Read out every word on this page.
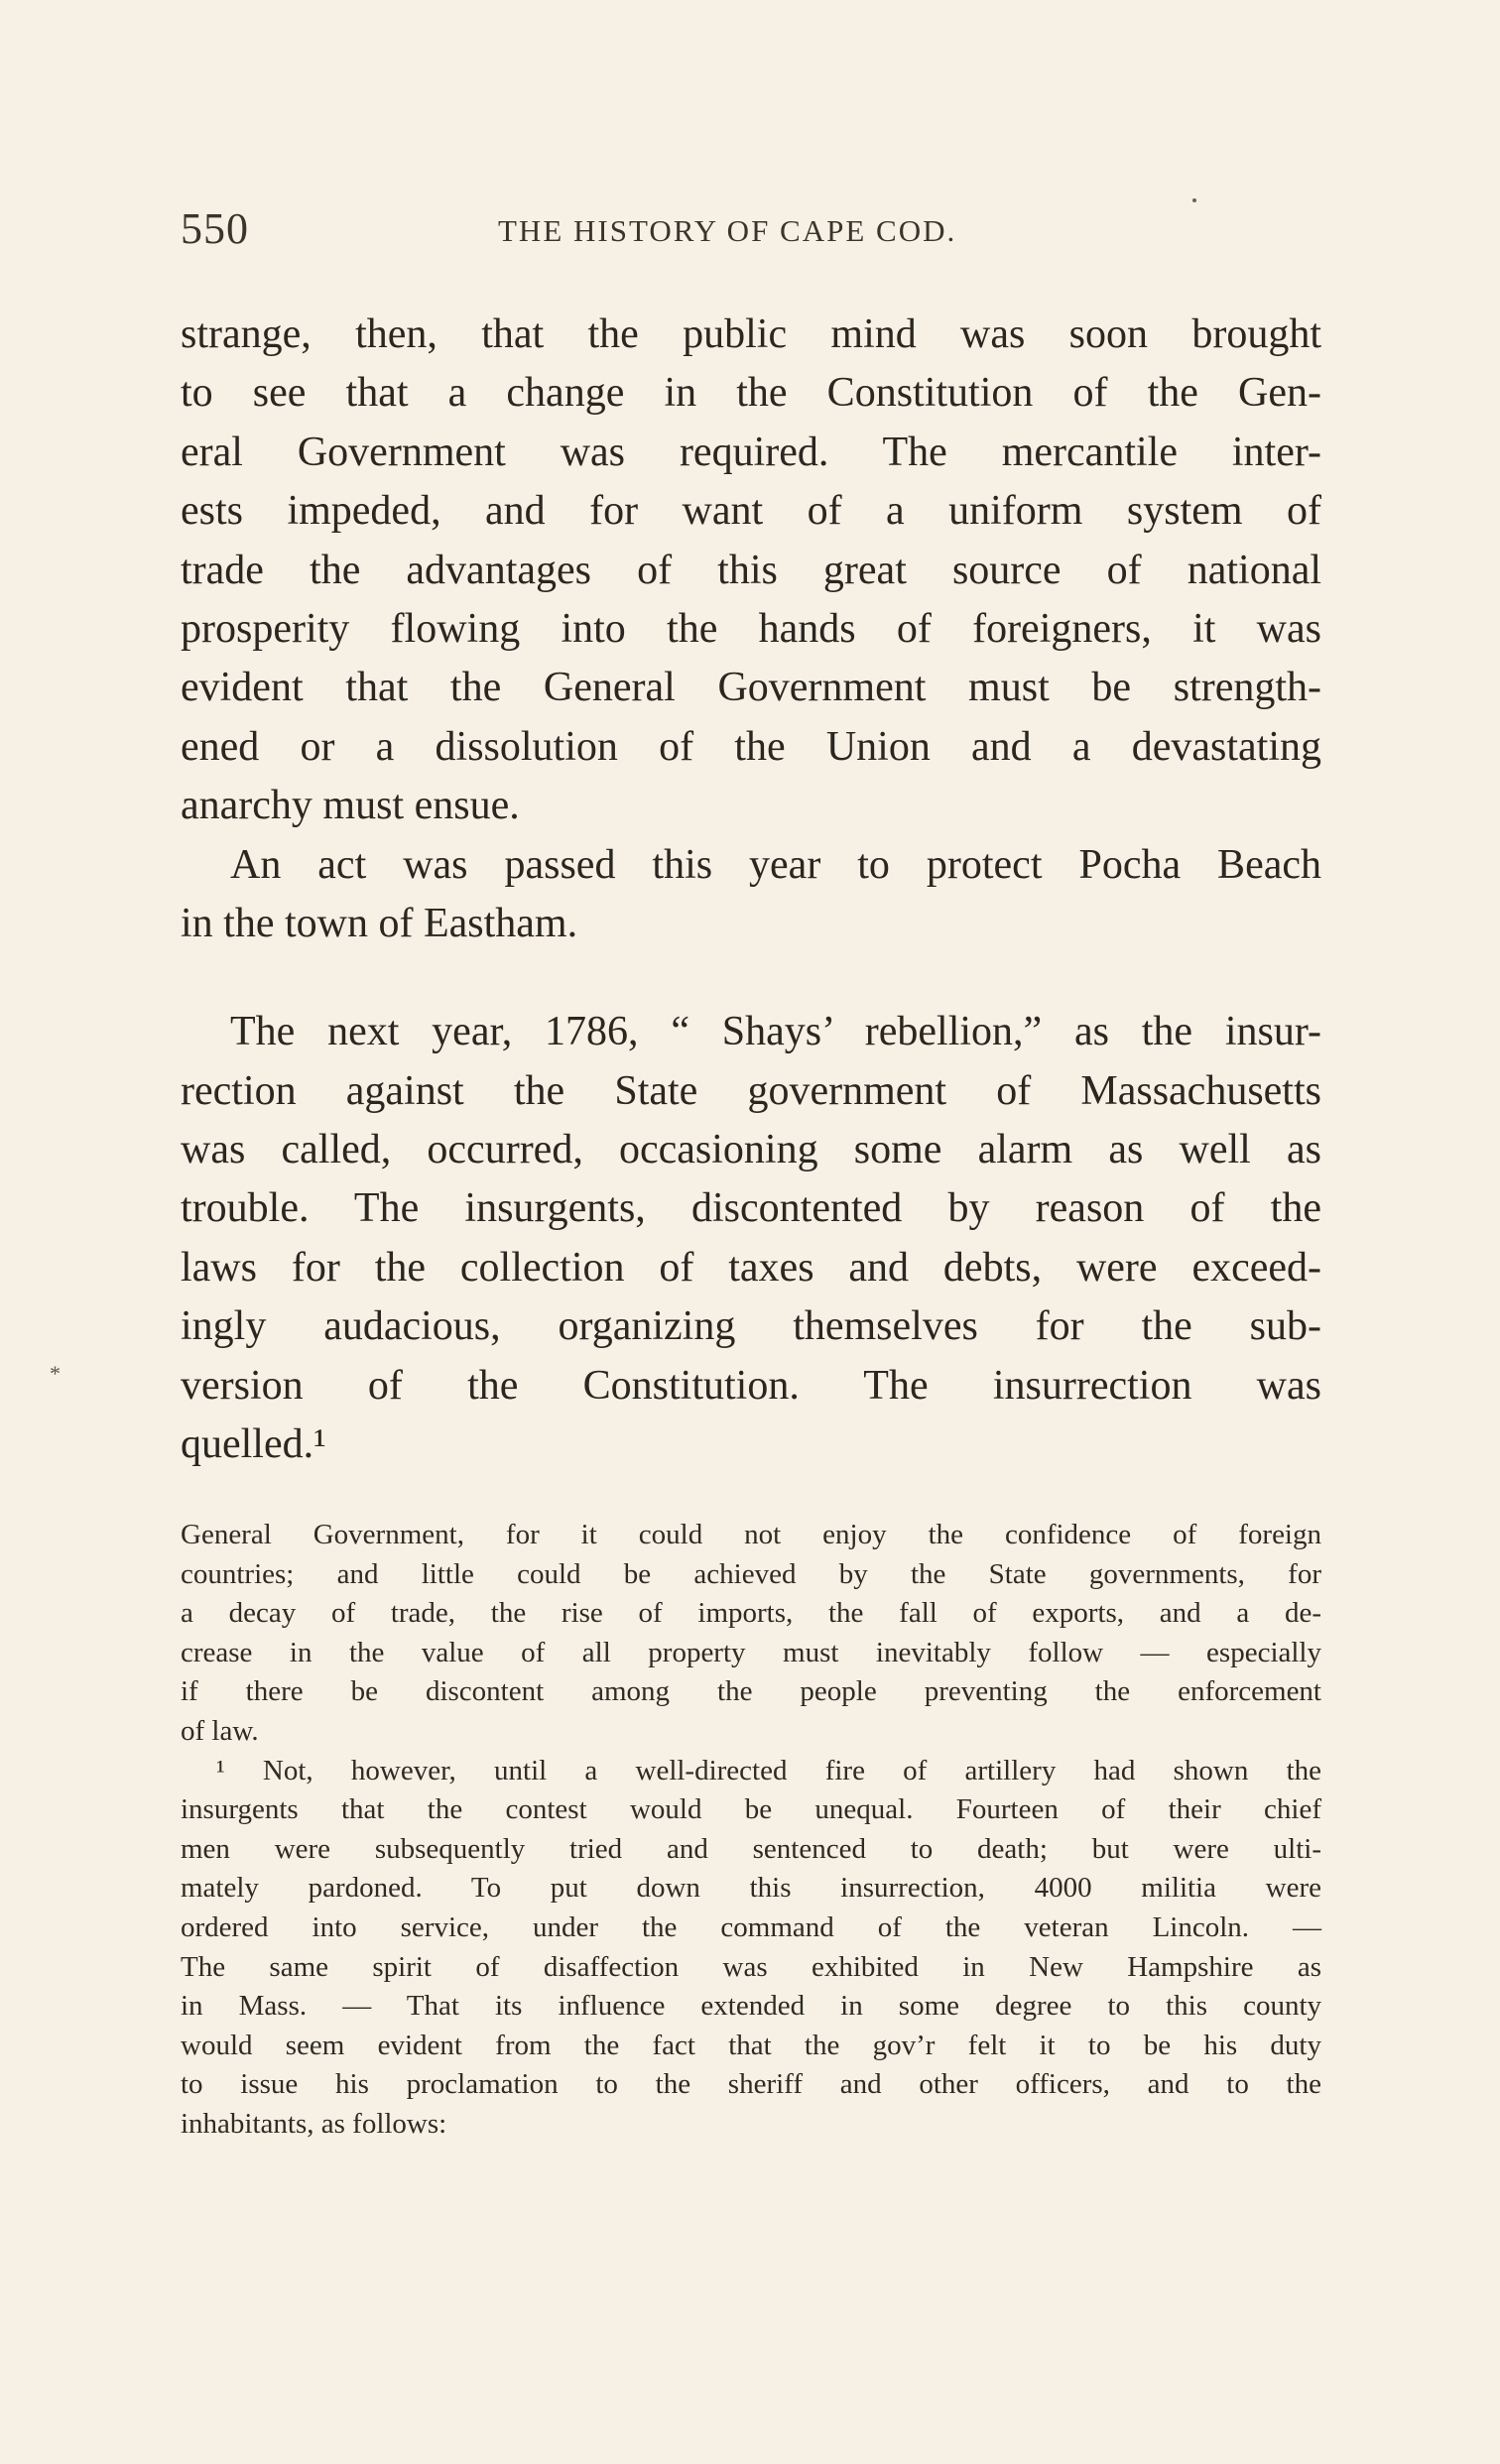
550	THE HISTORY OF CAPE COD.
*
strange, then, that the public mind was soon brought
to see that a change in the Constitution of the Gen-
eral Government was required. The mercantile inter-
ests impeded, and for want of a uniform system of
trade the advantages of this great source of national
prosperity flowing into the hands of foreigners, it was
evident that the General Government must be strength-
ened or a dissolution of the Union and a devastating
anarchy must ensue.
An act was passed this year to protect Pocha Beach
in the town of Eastham.
The next year, 1786, “ Shays’ rebellion,” as the insur-
rection against the State government of Massachusetts
was called, occurred, occasioning some alarm as well as
trouble. The insurgents, discontented by reason of the
laws for the collection of taxes and debts, were exceed-
ingly audacious, organizing themselves for the sub-
version of the Constitution. The insurrection was
quelled.¹
General Government, for it could not enjoy the confidence of foreign
countries; and little could be achieved by the State governments, for
a decay of trade, the rise of imports, the fall of exports, and a de-
crease in the value of all property must inevitably follow — especially
if there be discontent among the people preventing the enforcement
of law.
¹ Not, however, until a well-directed fire of artillery had shown the
insurgents that the contest would be unequal. Fourteen of their chief
men were subsequently tried and sentenced to death; but were ulti-
mately pardoned. To put down this insurrection, 4000 militia were
ordered into service, under the command of the veteran Lincoln. —
The same spirit of disaffection was exhibited in New Hampshire as
in Mass. — That its influence extended in some degree to this county
would seem evident from the fact that the gov’r felt it to be his duty
to issue his proclamation to the sheriff and other officers, and to the
inhabitants, as follows:
